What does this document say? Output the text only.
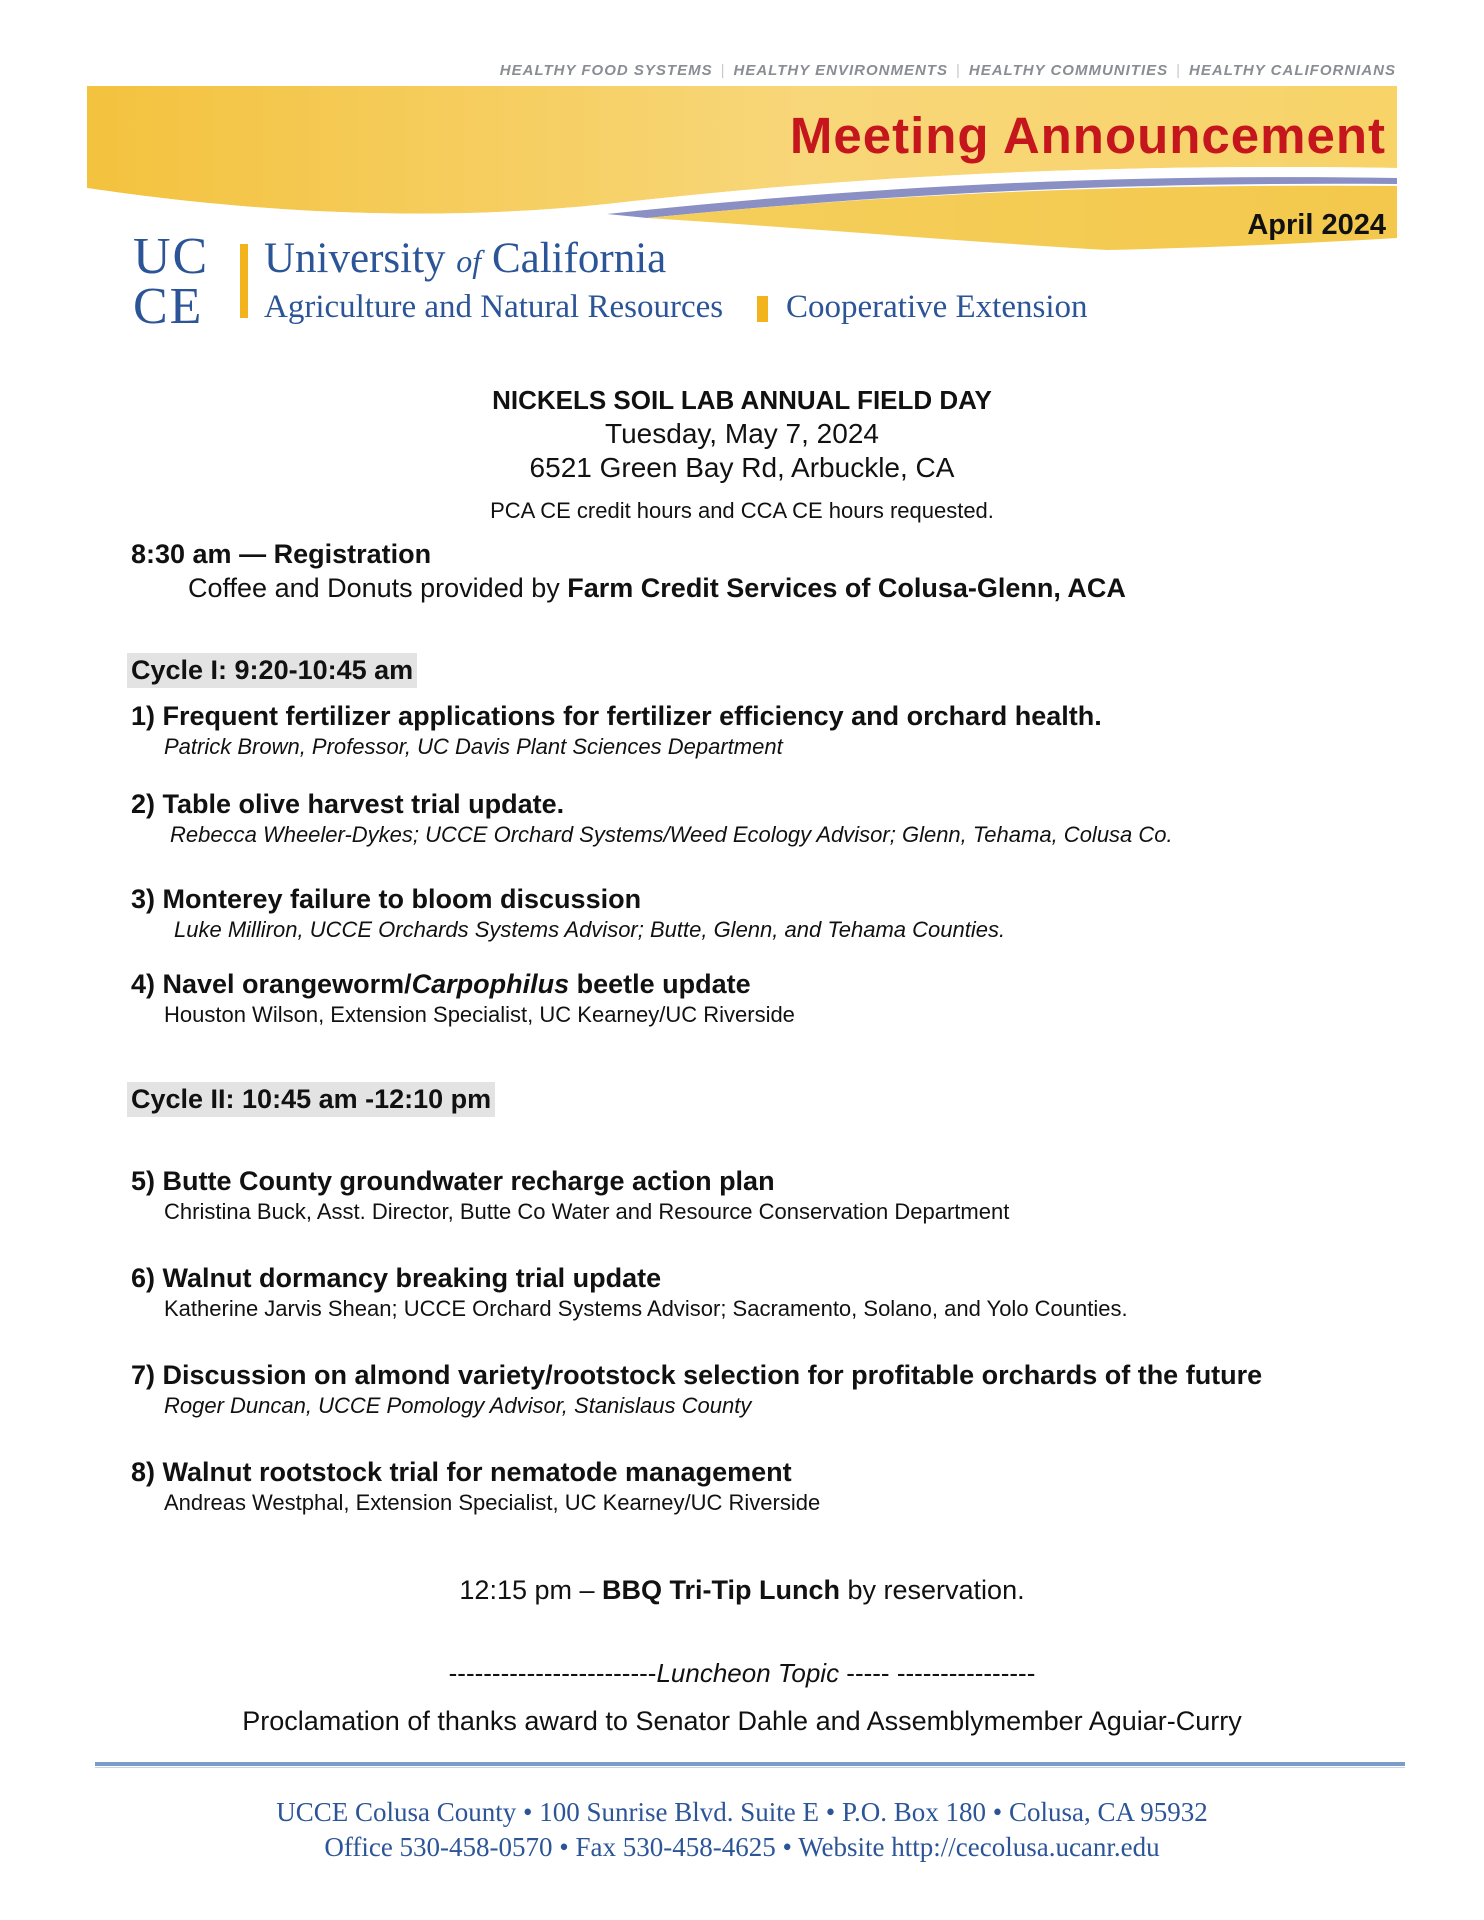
HEALTHY FOOD SYSTEMS | HEALTHY ENVIRONMENTS | HEALTHY COMMUNITIES | HEALTHY CALIFORNIANS
Meeting Announcement
April 2024
UC
CE
University of California
Agriculture and Natural Resources Cooperative Extension
NICKELS SOIL LAB ANNUAL FIELD DAY
Tuesday, May 7, 2024
6521 Green Bay Rd, Arbuckle, CA
PCA CE credit hours and CCA CE hours requested.
8:30 am — Registration
Coffee and Donuts provided by Farm Credit Services of Colusa-Glenn, ACA
Cycle I: 9:20-10:45 am
1) Frequent fertilizer applications for fertilizer efficiency and orchard health.
Patrick Brown, Professor, UC Davis Plant Sciences Department
2) Table olive harvest trial update.
Rebecca Wheeler-Dykes; UCCE Orchard Systems/Weed Ecology Advisor; Glenn, Tehama, Colusa Co.
3) Monterey failure to bloom discussion
Luke Milliron, UCCE Orchards Systems Advisor; Butte, Glenn, and Tehama Counties.
4) Navel orangeworm/Carpophilus beetle update
Houston Wilson, Extension Specialist, UC Kearney/UC Riverside
Cycle II: 10:45 am -12:10 pm
5) Butte County groundwater recharge action plan
Christina Buck, Asst. Director, Butte Co Water and Resource Conservation Department
6) Walnut dormancy breaking trial update
Katherine Jarvis Shean; UCCE Orchard Systems Advisor; Sacramento, Solano, and Yolo Counties.
7) Discussion on almond variety/rootstock selection for profitable orchards of the future
Roger Duncan, UCCE Pomology Advisor, Stanislaus County
8) Walnut rootstock trial for nematode management
Andreas Westphal, Extension Specialist, UC Kearney/UC Riverside
12:15 pm – BBQ Tri-Tip Lunch by reservation.
------------------------Luncheon Topic ----- ----------------
Proclamation of thanks award to Senator Dahle and Assemblymember Aguiar-Curry
UCCE Colusa County • 100 Sunrise Blvd. Suite E • P.O. Box 180 • Colusa, CA 95932
Office 530-458-0570 • Fax 530-458-4625 • Website http://cecolusa.ucanr.edu
